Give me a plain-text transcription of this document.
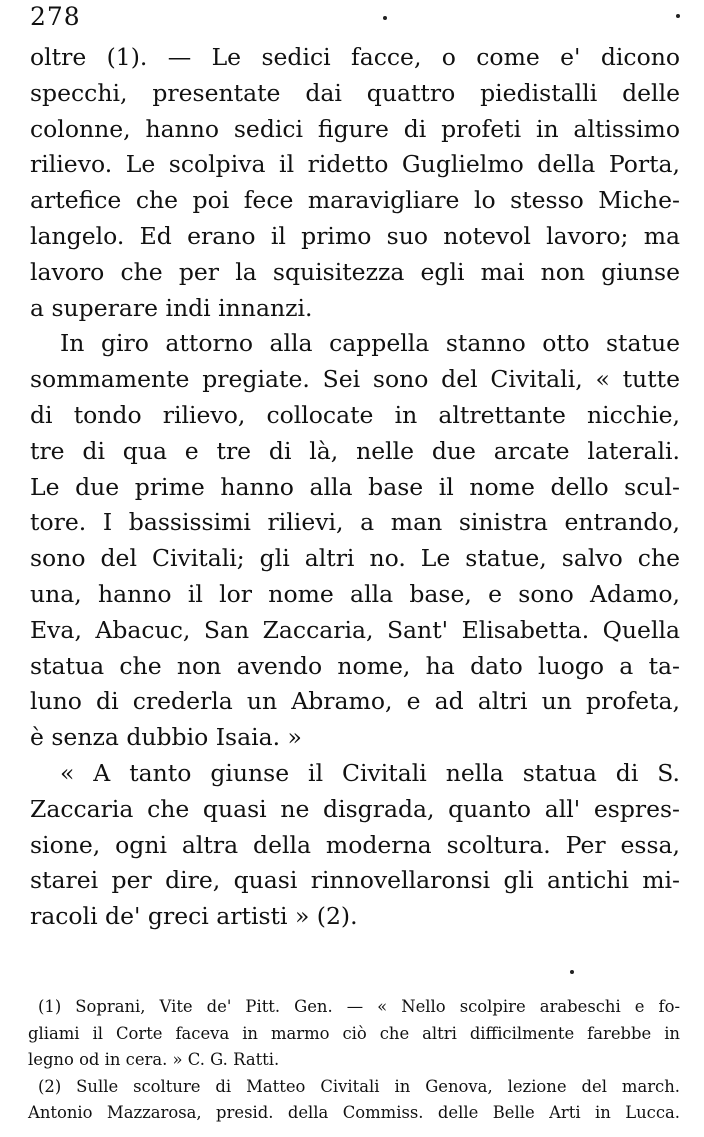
278
oltre (1). — Le sedici facce, o come e' dicono
specchi, presentate dai quattro piedistalli delle
colonne, hanno sedici figure di profeti in altissimo
rilievo. Le scolpiva il ridetto Guglielmo della Porta,
artefice che poi fece maravigliare lo stesso Miche-
langelo. Ed erano il primo suo notevol lavoro; ma
lavoro che per la squisitezza egli mai non giunse
a superare indi innanzi.
In giro attorno alla cappella stanno otto statue
sommamente pregiate. Sei sono del Civitali, « tutte
di tondo rilievo, collocate in altrettante nicchie,
tre di qua e tre di là, nelle due arcate laterali.
Le due prime hanno alla base il nome dello scul-
tore. I bassissimi rilievi, a man sinistra entrando,
sono del Civitali; gli altri no. Le statue, salvo che
una, hanno il lor nome alla base, e sono Adamo,
Eva, Abacuc, San Zaccaria, Sant' Elisabetta. Quella
statua che non avendo nome, ha dato luogo a ta-
luno di crederla un Abramo, e ad altri un profeta,
è senza dubbio Isaia. »
« A tanto giunse il Civitali nella statua di S.
Zaccaria che quasi ne disgrada, quanto all' espres-
sione, ogni altra della moderna scoltura. Per essa,
starei per dire, quasi rinnovellaronsi gli antichi mi-
racoli de' greci artisti » (2).
(1) Soprani, Vite de' Pitt. Gen. — « Nello scolpire arabeschi e fo-
gliami il Corte faceva in marmo ciò che altri difficilmente farebbe in
legno od in cera. » C. G. Ratti.
(2) Sulle scolture di Matteo Civitali in Genova, lezione del march.
Antonio Mazzarosa, presid. della Commiss. delle Belle Arti in Lucca.
